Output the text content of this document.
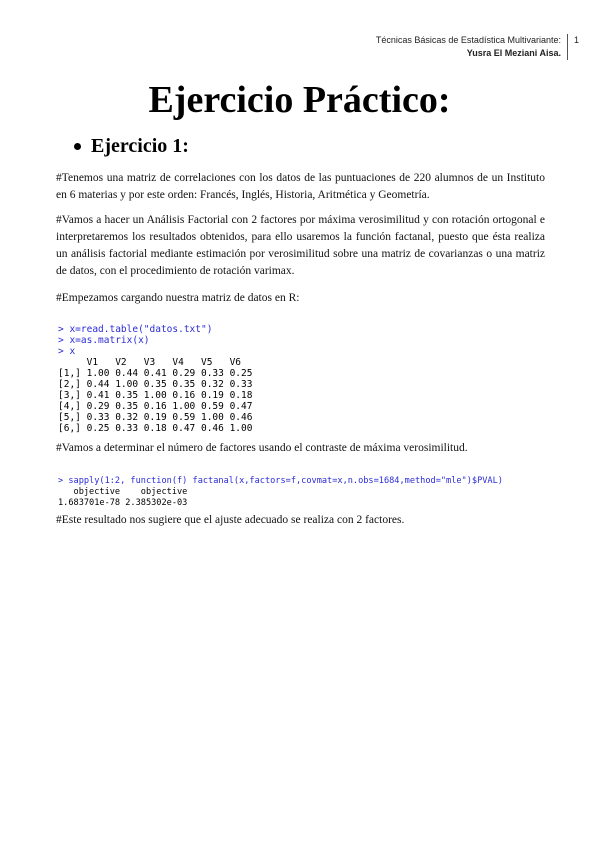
Técnicas Básicas de Estadística Multivariante:
Yusra El Meziani Aisa.
1
Ejercicio Práctico:
Ejercicio 1:
#Tenemos una matriz de correlaciones con los datos de las puntuaciones de 220 alumnos de un Instituto en 6 materias y por este orden: Francés, Inglés, Historia, Aritmética y Geometría.
#Vamos a hacer un Análisis Factorial con 2 factores por máxima verosimilitud y con rotación ortogonal e interpretaremos los resultados obtenidos, para ello usaremos la función factanal, puesto que ésta realiza un análisis factorial mediante estimación por verosimilitud sobre una matriz de covarianzas o una matriz de datos, con el procedimiento de rotación varimax.
#Empezamos cargando nuestra matriz de datos en R:

> x=read.table("datos.txt")
> x=as.matrix(x)
> x
V1   V2   V3   V4   V5   V6
[1,] 1.00 0.44 0.41 0.29 0.33 0.25
[2,] 0.44 1.00 0.35 0.35 0.32 0.33
[3,] 0.41 0.35 1.00 0.16 0.19 0.18
[4,] 0.29 0.35 0.16 1.00 0.59 0.47
[5,] 0.33 0.32 0.19 0.59 1.00 0.46
[6,] 0.25 0.33 0.18 0.47 0.46 1.00

#Vamos a determinar el número de factores usando el contraste de máxima verosimilitud.

> sapply(1:2, function(f) factanal(x,factors=f,covmat=x,n.obs=1684,method="mle")$PVAL)
objective    objective
1.683701e-78 2.385302e-03

#Este resultado nos sugiere que el ajuste adecuado se realiza con 2 factores.
